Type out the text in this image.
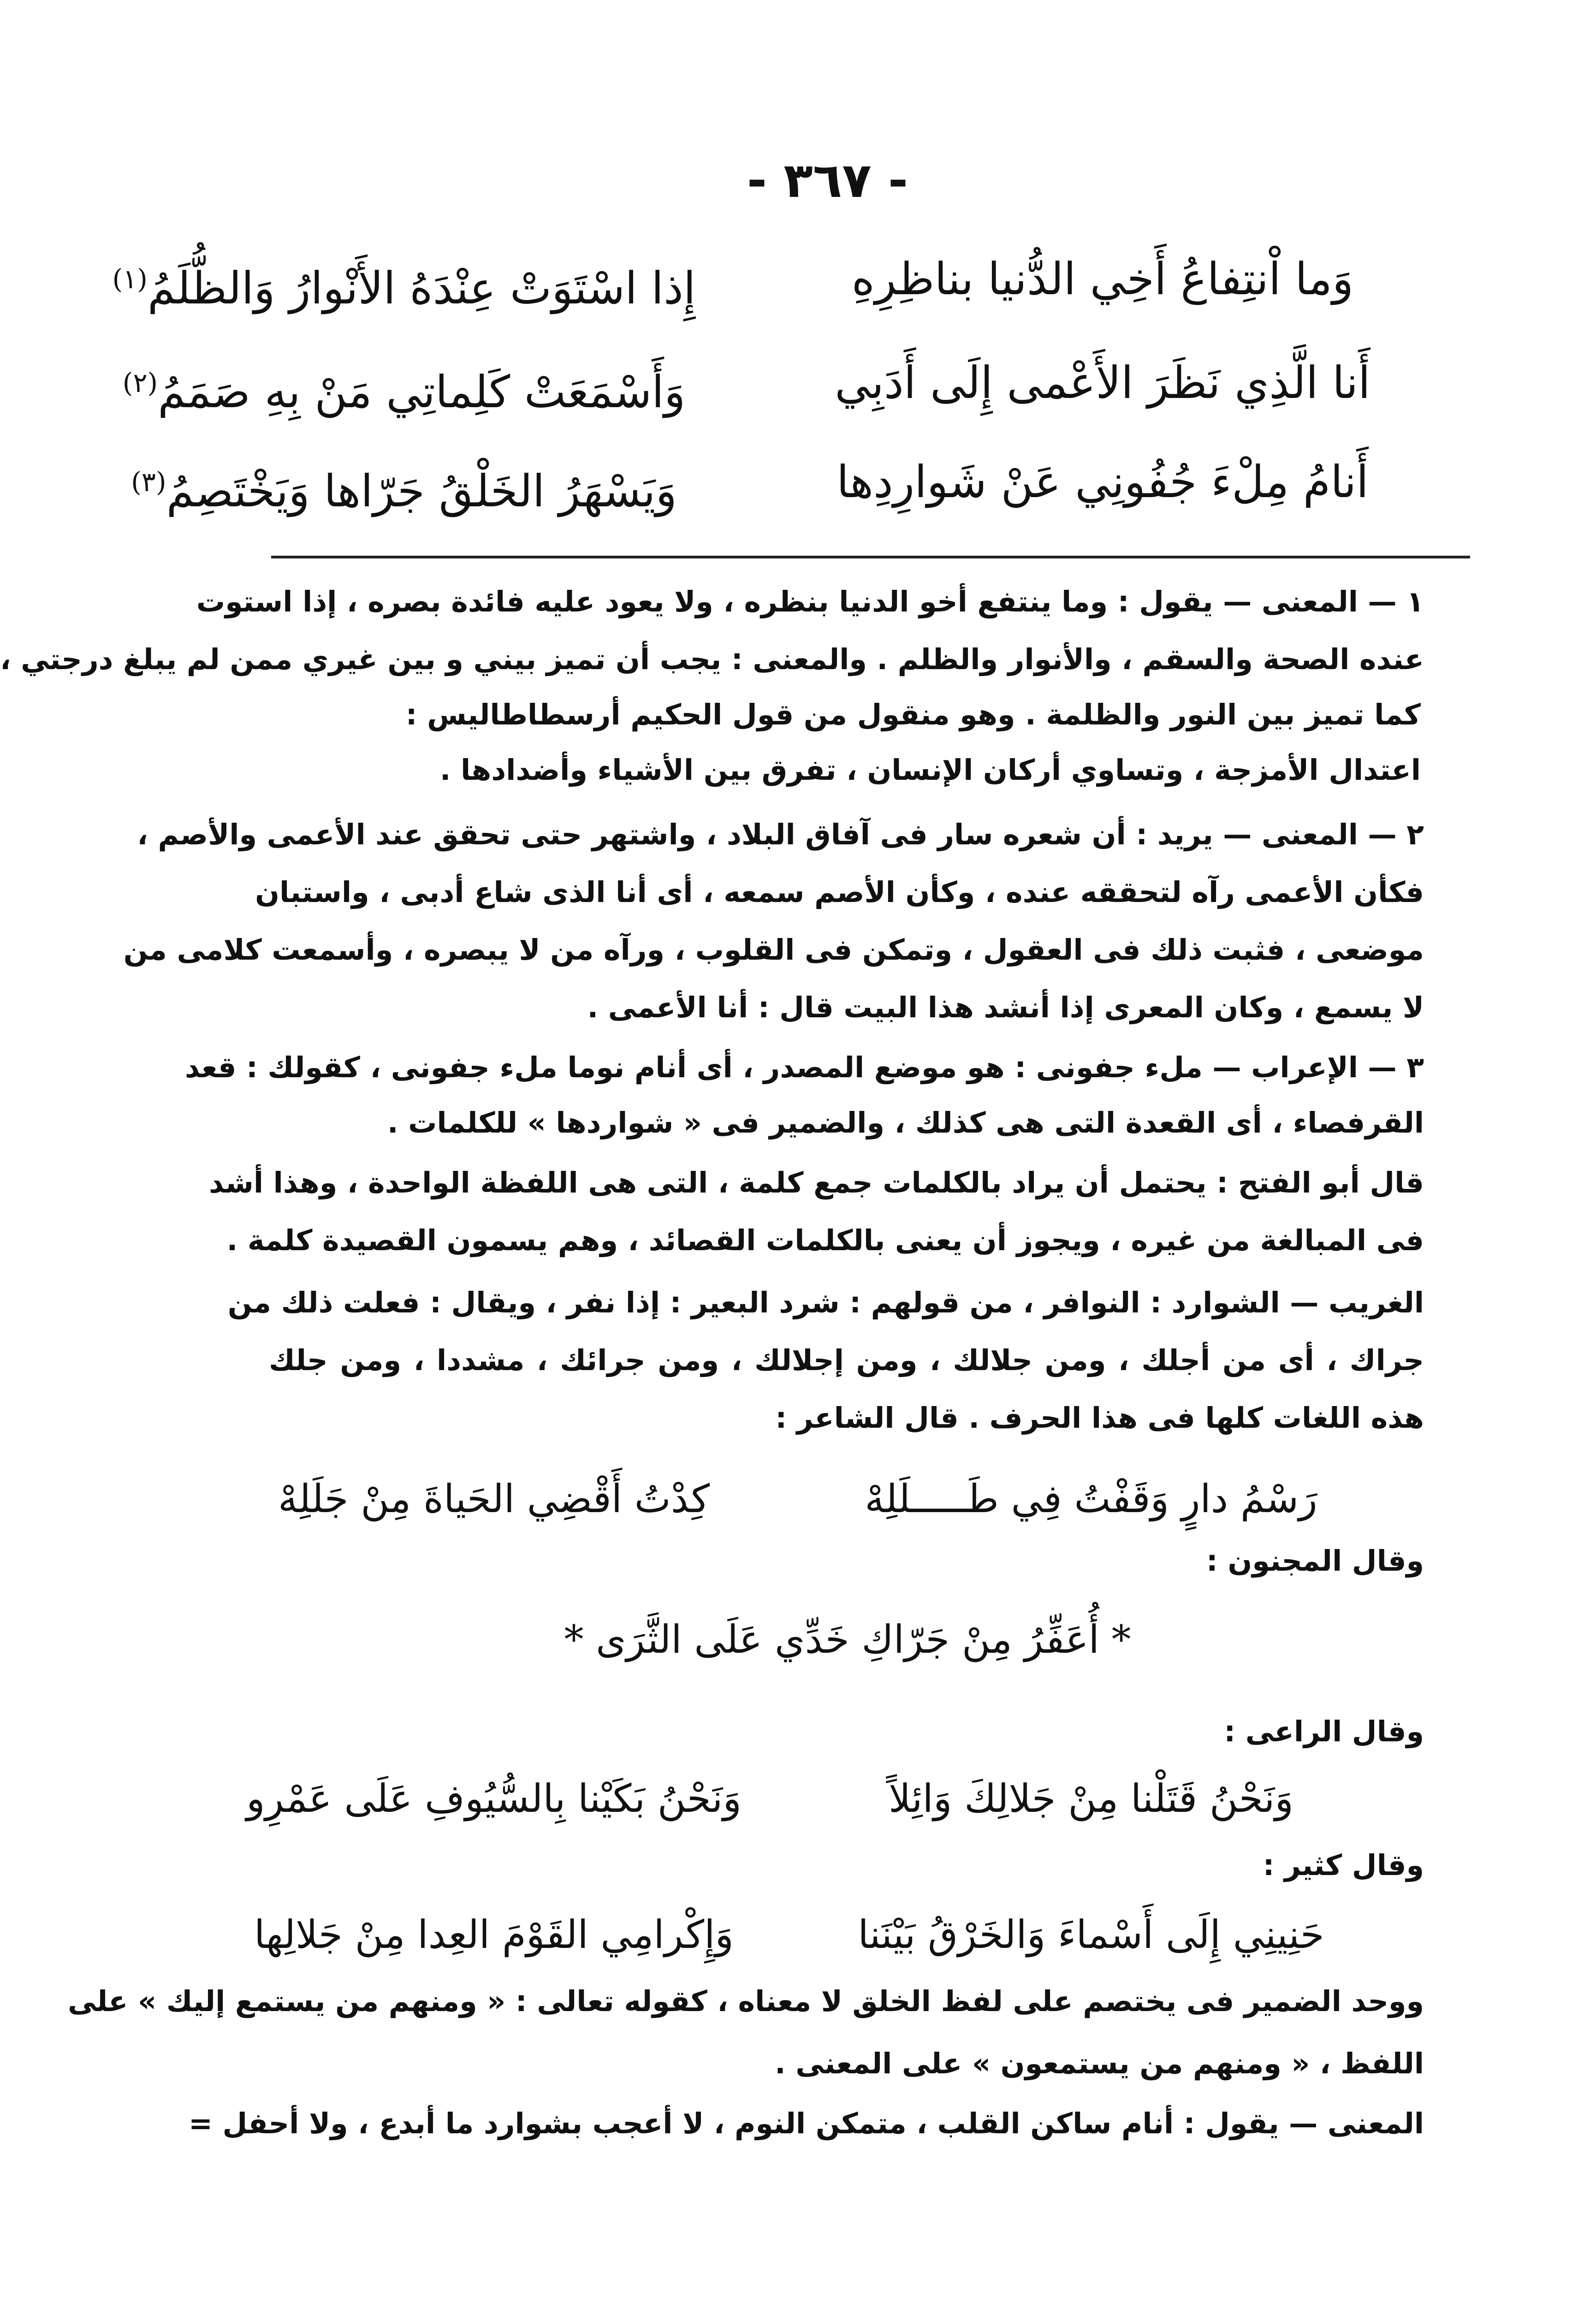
- ٣٦٧ -
وَما اْنتِفاعُ أَخِي الدُّنيا بناظِرِهِ
إِذا اسْتَوَتْ عِنْدَهُ الأَنْوارُ وَالظُّلَمُ$^{(١)}$
أَنا الَّذِي نَظَرَ الأَعْمى إِلَى أَدَبِي
وَأَسْمَعَتْ كَلِماتِي مَنْ بِهِ صَمَمُ$^{(٢)}$
أَنامُ مِلْءَ جُفُونِي عَنْ شَوارِدِها
وَيَسْهَرُ الخَلْقُ جَرّاها وَيَخْتَصِمُ$^{(٣)}$
١ — المعنى — يقول : وما ينتفع أخو الدنيا بنظره ، ولا يعود عليه فائدة بصره ، إذا استوت
عنده الصحة والسقم ، والأنوار والظلم . والمعنى : يجب أن تميز بيني و بين غيري ممن لم يبلغ درجتي ،
كما تميز بين النور والظلمة . وهو منقول من قول الحكيم أرسطاطاليس :
اعتدال الأمزجة ، وتساوي أركان الإنسان ، تفرق بين الأشياء وأضدادها .
٢ — المعنى — يريد : أن شعره سار فى آفاق البلاد ، واشتهر حتى تحقق عند الأعمى والأصم ،
فكأن الأعمى رآه لتحققه عنده ، وكأن الأصم سمعه ، أى أنا الذى شاع أدبى ، واستبان
موضعى ، فثبت ذلك فى العقول ، وتمكن فى القلوب ، ورآه من لا يبصره ، وأسمعت كلامى من
لا يسمع ، وكان المعرى إذا أنشد هذا البيت قال : أنا الأعمى .
٣ — الإعراب — ملء جفونى : هو موضع المصدر ، أى أنام نوما ملء جفونى ، كقولك : قعد
القرفصاء ، أى القعدة التى هى كذلك ، والضمير فى « شواردها » للكلمات .
قال أبو الفتح : يحتمل أن يراد بالكلمات جمع كلمة ، التى هى اللفظة الواحدة ، وهذا أشد
فى المبالغة من غيره ، ويجوز أن يعنى بالكلمات القصائد ، وهم يسمون القصيدة كلمة .
الغريب — الشوارد : النوافر ، من قولهم : شرد البعير : إذا نفر ، ويقال : فعلت ذلك من
جراك ، أى من أجلك ، ومن جلالك ، ومن إجلالك ، ومن جرائك ، مشددا ، ومن جلك
هذه اللغات كلها فى هذا الحرف . قال الشاعر :
رَسْمُ دارٍ وَقَفْتُ فِي طَـــــلَلِهْ
كِدْتُ أَقْضِي الحَياةَ مِنْ جَلَلِهْ
وقال المجنون :
* أُعَفِّرُ مِنْ جَرّاكِ خَدِّي عَلَى الثَّرَى *
وقال الراعى :
وَنَحْنُ قَتَلْنا مِنْ جَلالِكَ وَائِلاً
وَنَحْنُ بَكَيْنا بِالسُّيُوفِ عَلَى عَمْرِو
وقال كثير :
حَنِينِي إِلَى أَسْماءَ وَالخَرْقُ بَيْنَنا
وَإِكْرامِي القَوْمَ العِدا مِنْ جَلالِها
ووحد الضمير فى يختصم على لفظ الخلق لا معناه ، كقوله تعالى : « ومنهم من يستمع إليك » على
اللفظ ، « ومنهم من يستمعون » على المعنى .
المعنى — يقول : أنام ساكن القلب ، متمكن النوم ، لا أعجب بشوارد ما أبدع ، ولا أحفل =
